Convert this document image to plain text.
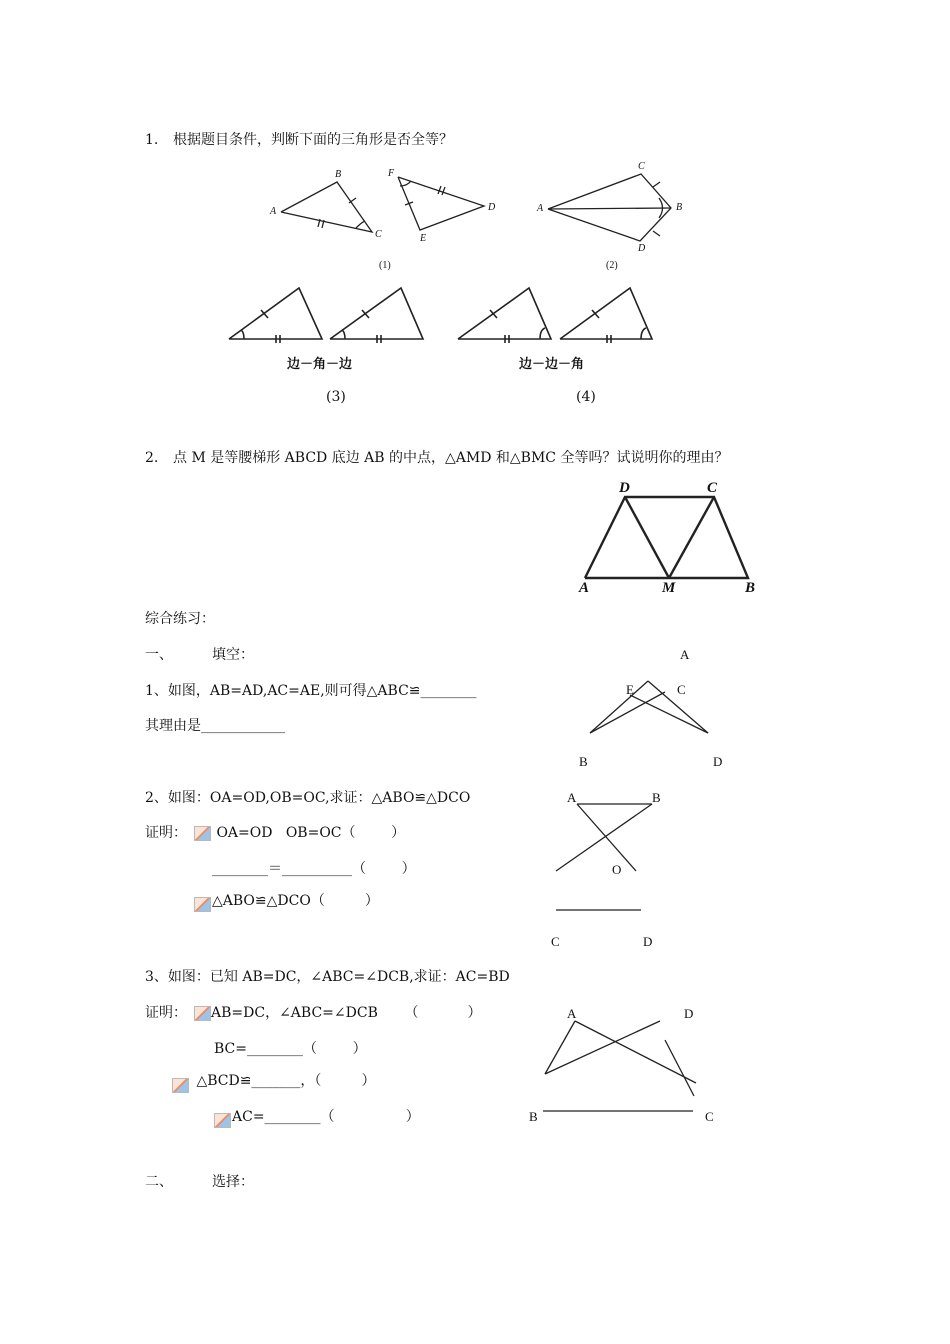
1. 根据题目条件，判断下面的三角形是否全等？
A
B
C
F
D
E
(1)
A	B
C
D
(2)
边－角－边	边－边－角
(3)	(4)
2. 点 M 是等腰梯形 ABCD 底边 AB 的中点，△AMD 和△BMC 全等吗？试说明你的理由？
D	C
A	M	B
综合练习：
一、	填空：
1、如图，AB=AD,AC=AE,则可得△ABC≌________
其理由是____________
A
E	C
B	D
2、如图：OA=OD,OB=OC,求证：△ABO≌△DCO
证明： OA=OD   OB=OC（        ）
________＝__________（        ）
△ABO≌△DCO（         ）
A	B
O
C	D
3、如图：已知 AB=DC，∠ABC=∠DCB,求证：AC=BD
证明： AB=DC，∠ABC=∠DCB      （           ）
BC=________（        ）
△BCD≌_______，（         ）
AC=________（                ）
A	D
B	C
二、	选择：
